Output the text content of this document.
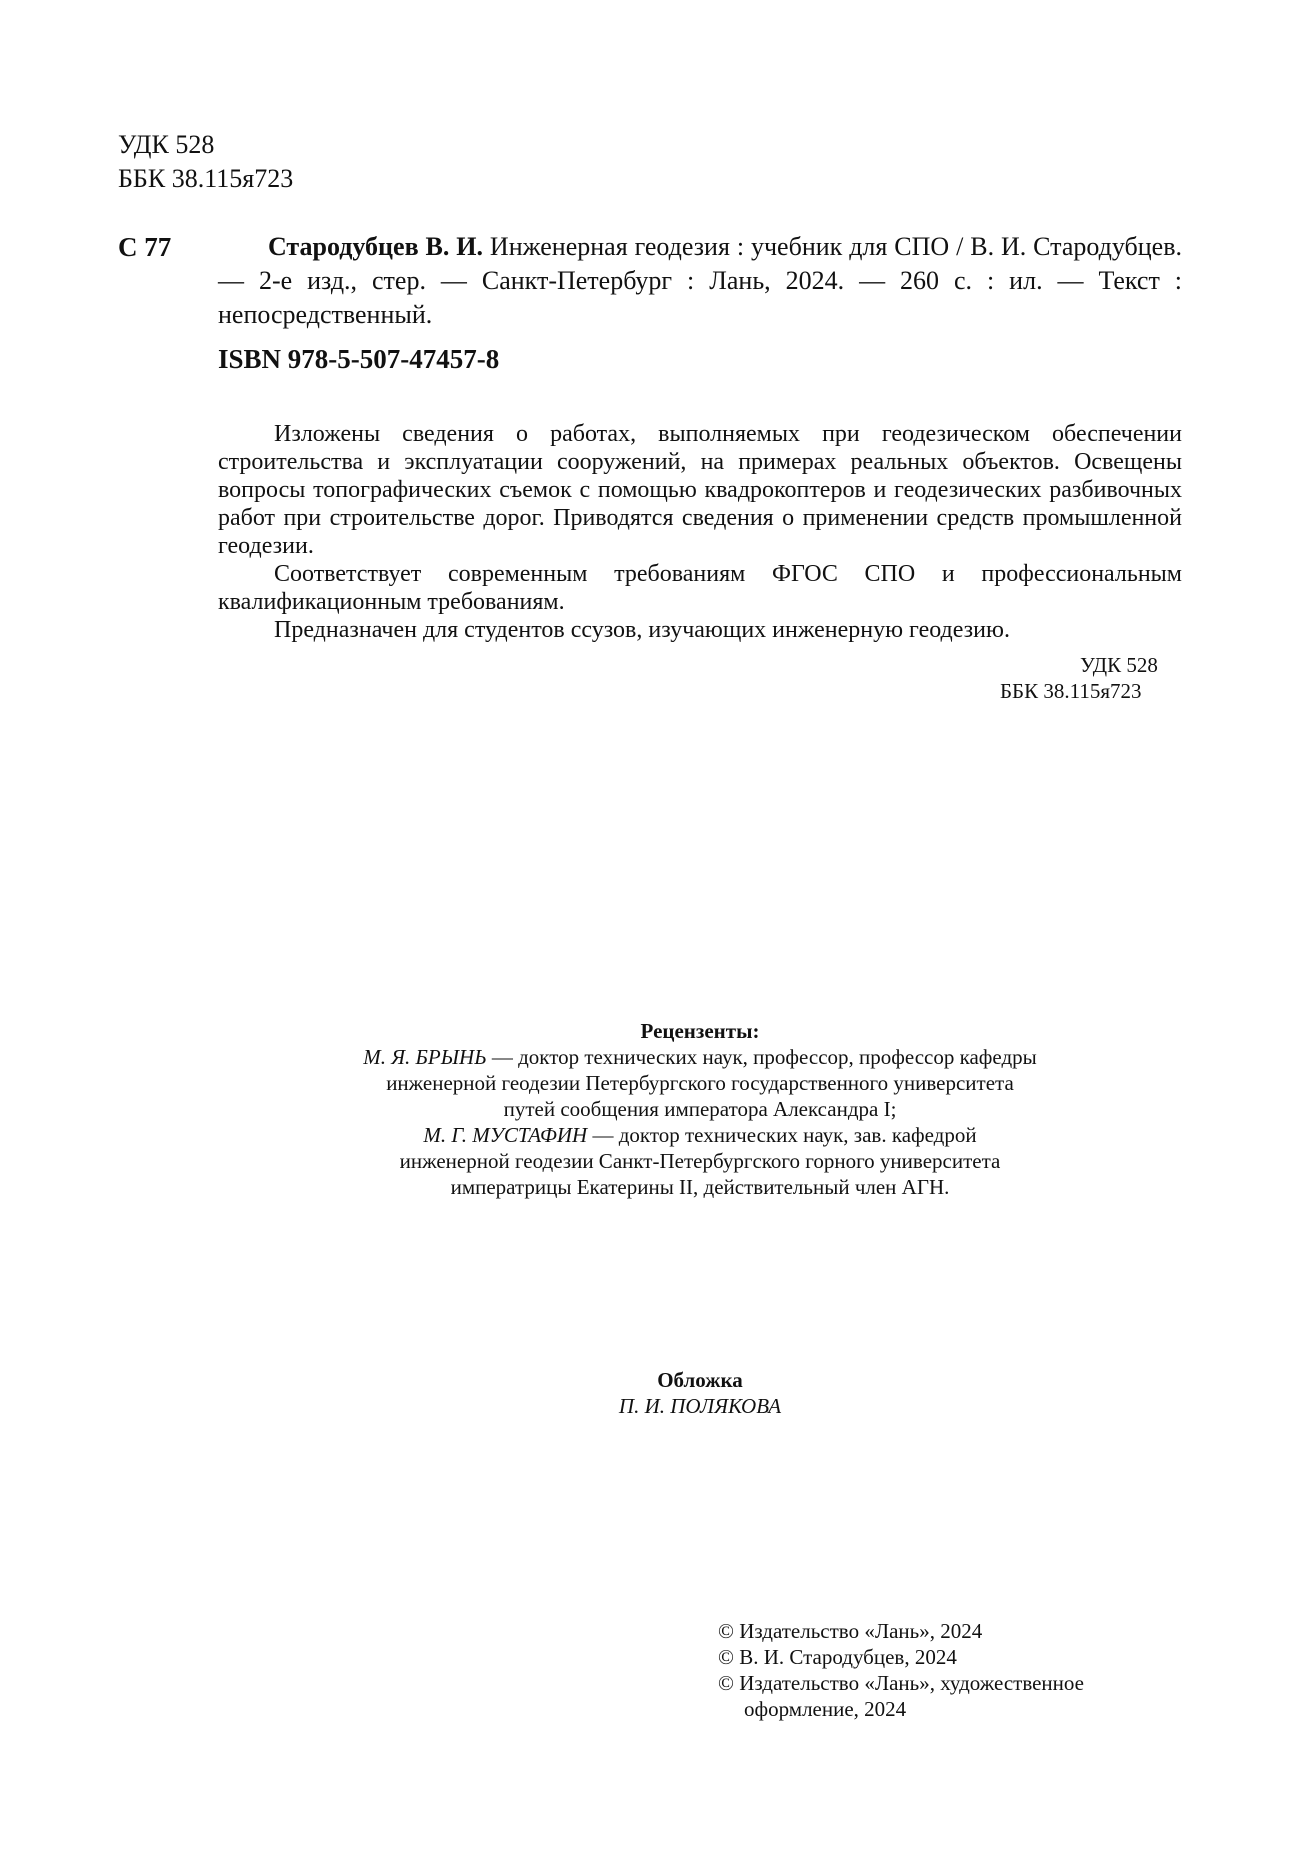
УДК 528
ББК 38.115я723
С 77	Стародубцев В. И. Инженерная геодезия : учебник для СПО / В. И. Стародубцев. — 2-е изд., стер. — Санкт-Петербург : Лань, 2024. — 260 с. : ил. — Текст : непосредственный.
ISBN 978-5-507-47457-8

Изложены сведения о работах, выполняемых при геодезическом обеспечении строительства и эксплуатации сооружений, на примерах реальных объектов. Освещены вопросы топографических съемок с помощью квадрокоптеров и геодезических разбивочных работ при строительстве дорог. Приводятся сведения о применении средств промышленной геодезии.

Соответствует современным требованиям ФГОС СПО и профессиональным квалификационным требованиям.

Предназначен для студентов ссузов, изучающих инженерную геодезию.

УДК 528
ББК 38.115я723
Рецензенты:
М. Я. БРЫНЬ — доктор технических наук, профессор, профессор кафедры
инженерной геодезии Петербургского государственного университета
путей сообщения императора Александра I;
М. Г. МУСТАФИН — доктор технических наук, зав. кафедрой
инженерной геодезии Санкт-Петербургского горного университета
императрицы Екатерины II, действительный член АГН.
Обложка
П. И. ПОЛЯКОВА
© Издательство «Лань», 2024
© В. И. Стародубцев, 2024
© Издательство «Лань», художественное
оформление, 2024
